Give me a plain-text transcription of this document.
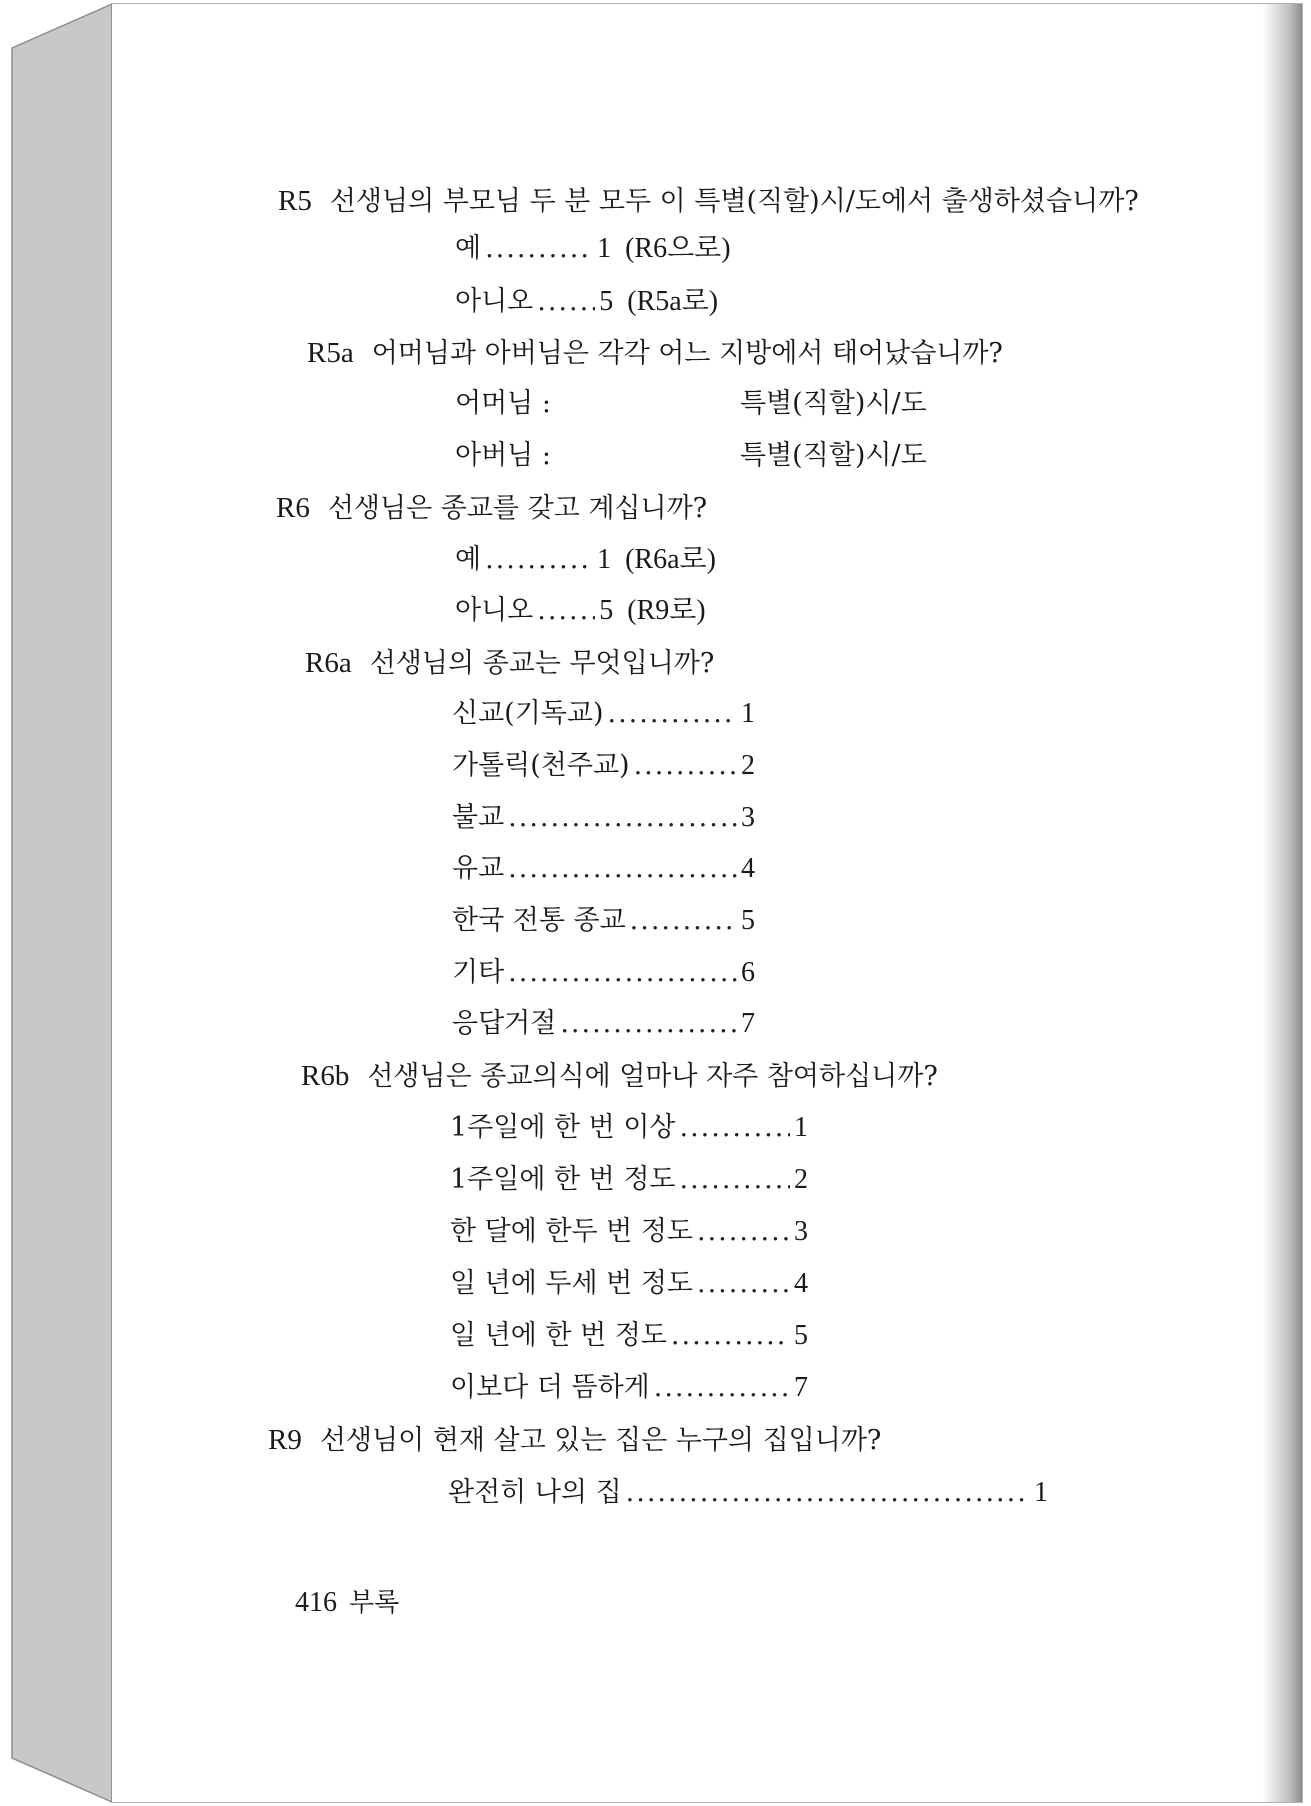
R5 선생님의 부모님 두 분 모두 이 특별(직할)시/도에서 출생하셨습니까?
예 .....	1 (R6으로)
아니오 ..... 5 (R5a로)
R5a 어머님과 아버님은 각각 어느 지방에서 태어났습니까?
어머님 :	특별(직할)시/도
아버님 :	특별(직할)시/도
R6 선생님은 종교를 갖고 계십니까?
예 .....	1 (R6a로)
아니오 ..... 5 (R9로)
R6a 선생님의 종교는 무엇입니까?
신교(기독교) .....	1
가톨릭(천주교) .....	2
불교 .....	3
유교 .....	4
한국 전통 종교 .....	5
기타 .....	6
응답거절 .....	7
R6b 선생님은 종교의식에 얼마나 자주 참여하십니까?
1주일에 한 번 이상 .....	1
1주일에 한 번 정도 .....	2
한 달에 한두 번 정도 .....	3
일 년에 두세 번 정도 .....	4
일 년에 한 번 정도 .....	5
이보다 더 뜸하게 .....	7
R9 선생님이 현재 살고 있는 집은 누구의 집입니까?
완전히 나의 집 .....	1
416 부록
